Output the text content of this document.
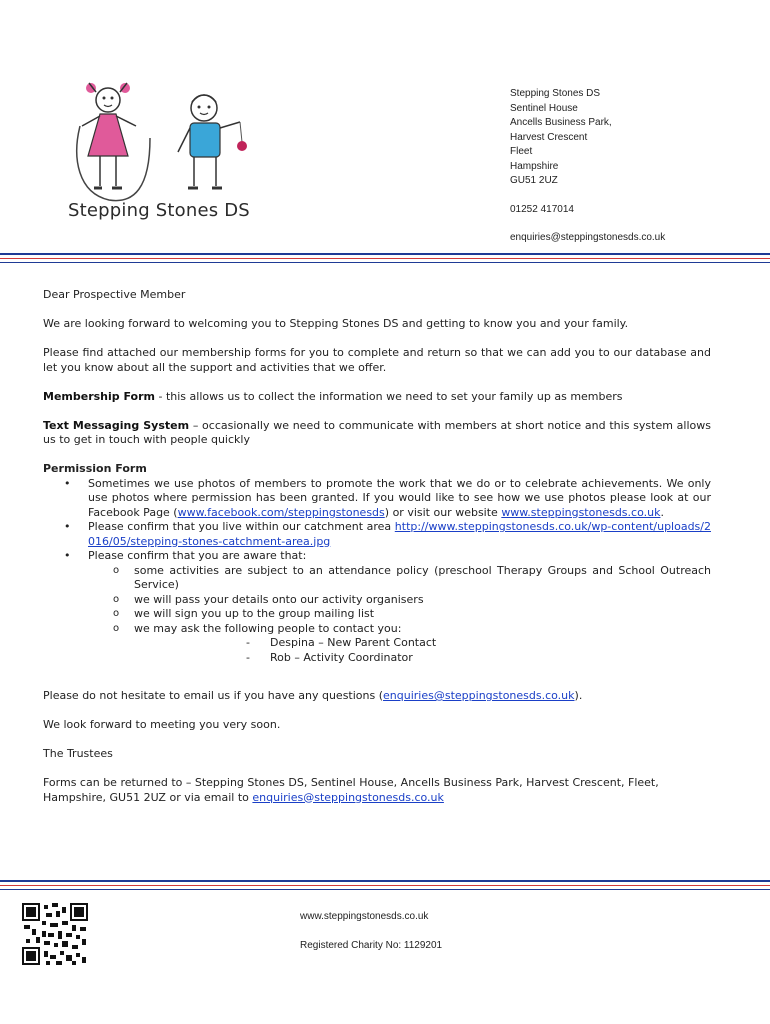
Stepping Stones DS
Stepping Stones DS
Sentinel House
Ancells Business Park,
Harvest Crescent
Fleet
Hampshire
GU51 2UZ
01252 417014
enquiries@steppingstonesds.co.uk

Dear Prospective Member

We are looking forward to welcoming you to Stepping Stones DS and getting to know you and your family.

Please find attached our membership forms for you to complete and return so that we can add you to our database and let you know about all the support and activities that we offer.

Membership Form - this allows us to collect the information we need to set your family up as members

Text Messaging System – occasionally we need to communicate with members at short notice and this system allows us to get in touch with people quickly

Permission Form
• Sometimes we use photos of members to promote the work that we do or to celebrate achievements. We only use photos where permission has been granted. If you would like to see how we use photos please look at our Facebook Page (www.facebook.com/steppingstonesds) or visit our website www.steppingstonesds.co.uk.
• Please confirm that you live within our catchment area http://www.steppingstonesds.co.uk/wp-content/uploads/2016/05/stepping-stones-catchment-area.jpg
• Please confirm that you are aware that:
o some activities are subject to an attendance policy (preschool Therapy Groups and School Outreach Service)
o we will pass your details onto our activity organisers
o we will sign you up to the group mailing list
o we may ask the following people to contact you:
- Despina – New Parent Contact
- Rob – Activity Coordinator

Please do not hesitate to email us if you have any questions (enquiries@steppingstonesds.co.uk).

We look forward to meeting you very soon.

The Trustees

Forms can be returned to – Stepping Stones DS, Sentinel House, Ancells Business Park, Harvest Crescent, Fleet, Hampshire, GU51 2UZ or via email to enquiries@steppingstonesds.co.uk

www.steppingstonesds.co.uk
Registered Charity No: 1129201
